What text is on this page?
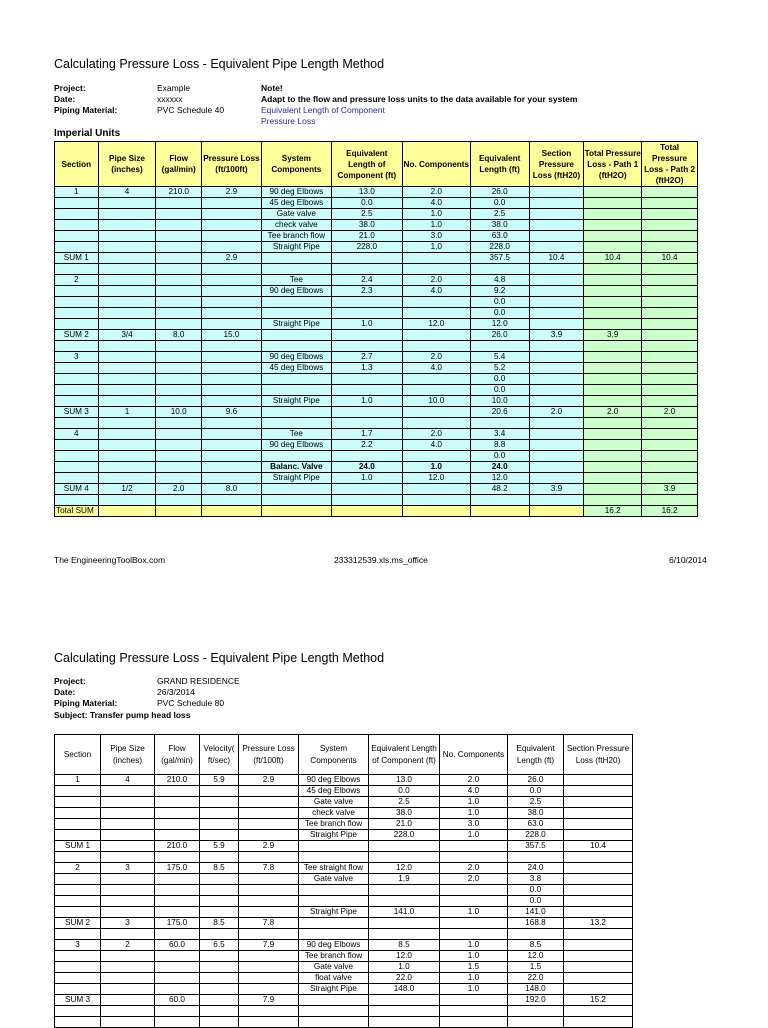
Calculating Pressure Loss - Equivalent Pipe Length Method
Project:	Example
Date:	xxxxxx
Piping Material:	PVC Schedule 40
Note!
Adapt to the flow and pressure loss units to the data available for your system
Equivalent Length of Component
Pressure Loss
Imperial Units
Section	Pipe Size (inches)	Flow (gal/min)	Pressure Loss (ft/100ft)	System Components	Equivalent Length of Component (ft)	No. Components	Equivalent Length (ft)	Section Pressure Loss (ftH20)	Total Pressure Loss - Path 1 (ftH2O)	Total Pressure Loss - Path 2 (ftH2O)
1	4	210.0	2.9	90 deg Elbows	13.0	2.0	26.0			
				45 deg Elbows	0.0	4.0	0.0			
				Gate valve	2.5	1.0	2.5			
				check valve	38.0	1.0	38.0			
				Tee branch flow	21.0	3.0	63.0			
				Straight Pipe	228.0	1.0	228.0			
SUM 1			2.9				357.5	10.4	10.4	10.4

2				Tee	2.4	2.0	4.8			
				90 deg Elbows	2.3	4.0	9.2			
							0.0			
							0.0			
				Straight Pipe	1.0	12.0	12.0			
SUM 2	3/4	8.0	15.0				26.0	3.9	3.9	

3				90 deg Elbows	2.7	2.0	5.4			
				45 deg Elbows	1.3	4.0	5.2			
							0.0			
							0.0			
				Straight Pipe	1.0	10.0	10.0			
SUM 3	1	10.0	9.6				20.6	2.0	2.0	2.0

4				Tee	1.7	2.0	3.4			
				90 deg Elbows	2.2	4.0	8.8			
							0.0			
				Balanc. Valve	24.0	1.0	24.0			
				Straight Pipe	1.0	12.0	12.0			
SUM 4	1/2	2.0	8.0				48.2	3.9		3.9

Total SUM									16.2	16.2
The EngineeringToolBox.com	233312539.xls.ms_office	6/10/2014
Calculating Pressure Loss - Equivalent Pipe Length Method
Project:	GRAND RESIDENCE
Date:	26/3/2014
Piping Material:	PVC Schedule 80
Subject: Transfer pump head loss
Section	Pipe Size (inches)	Flow (gal/min)	Velocity( ft/sec)	Pressure Loss (ft/100ft)	System Components	Equivalent Length of Component (ft)	No. Components	Equivalent Length (ft)	Section Pressure Loss (ftH20)
1	4	210.0	5.9	2.9	90 deg Elbows	13.0	2.0	26.0	
					45 deg Elbows	0.0	4.0	0.0	
					Gate valve	2.5	1.0	2.5	
					check valve	38.0	1.0	38.0	
					Tee branch flow	21.0	3.0	63.0	
					Straight Pipe	228.0	1.0	228.0	
SUM 1		210.0	5.9	2.9				357.5	10.4

2	3	175.0	8.5	7.8	Tee straight flow	12.0	2.0	24.0	
					Gate valve	1.9	2.0	3.8	
								0.0	
								0.0	
					Straight Pipe	141.0	1.0	141.0	
SUM 2	3	175.0	8.5	7.8				168.8	13.2

3	2	60.0	6.5	7.9	90 deg Elbows	8.5	1.0	8.5	
					Tee branch flow	12.0	1.0	12.0	
					Gate valve	1.0	1.5	1.5	
					float valve	22.0	1.0	22.0	
					Straight Pipe	148.0	1.0	148.0	
SUM 3		60.0		7.9				192.0	15.2
